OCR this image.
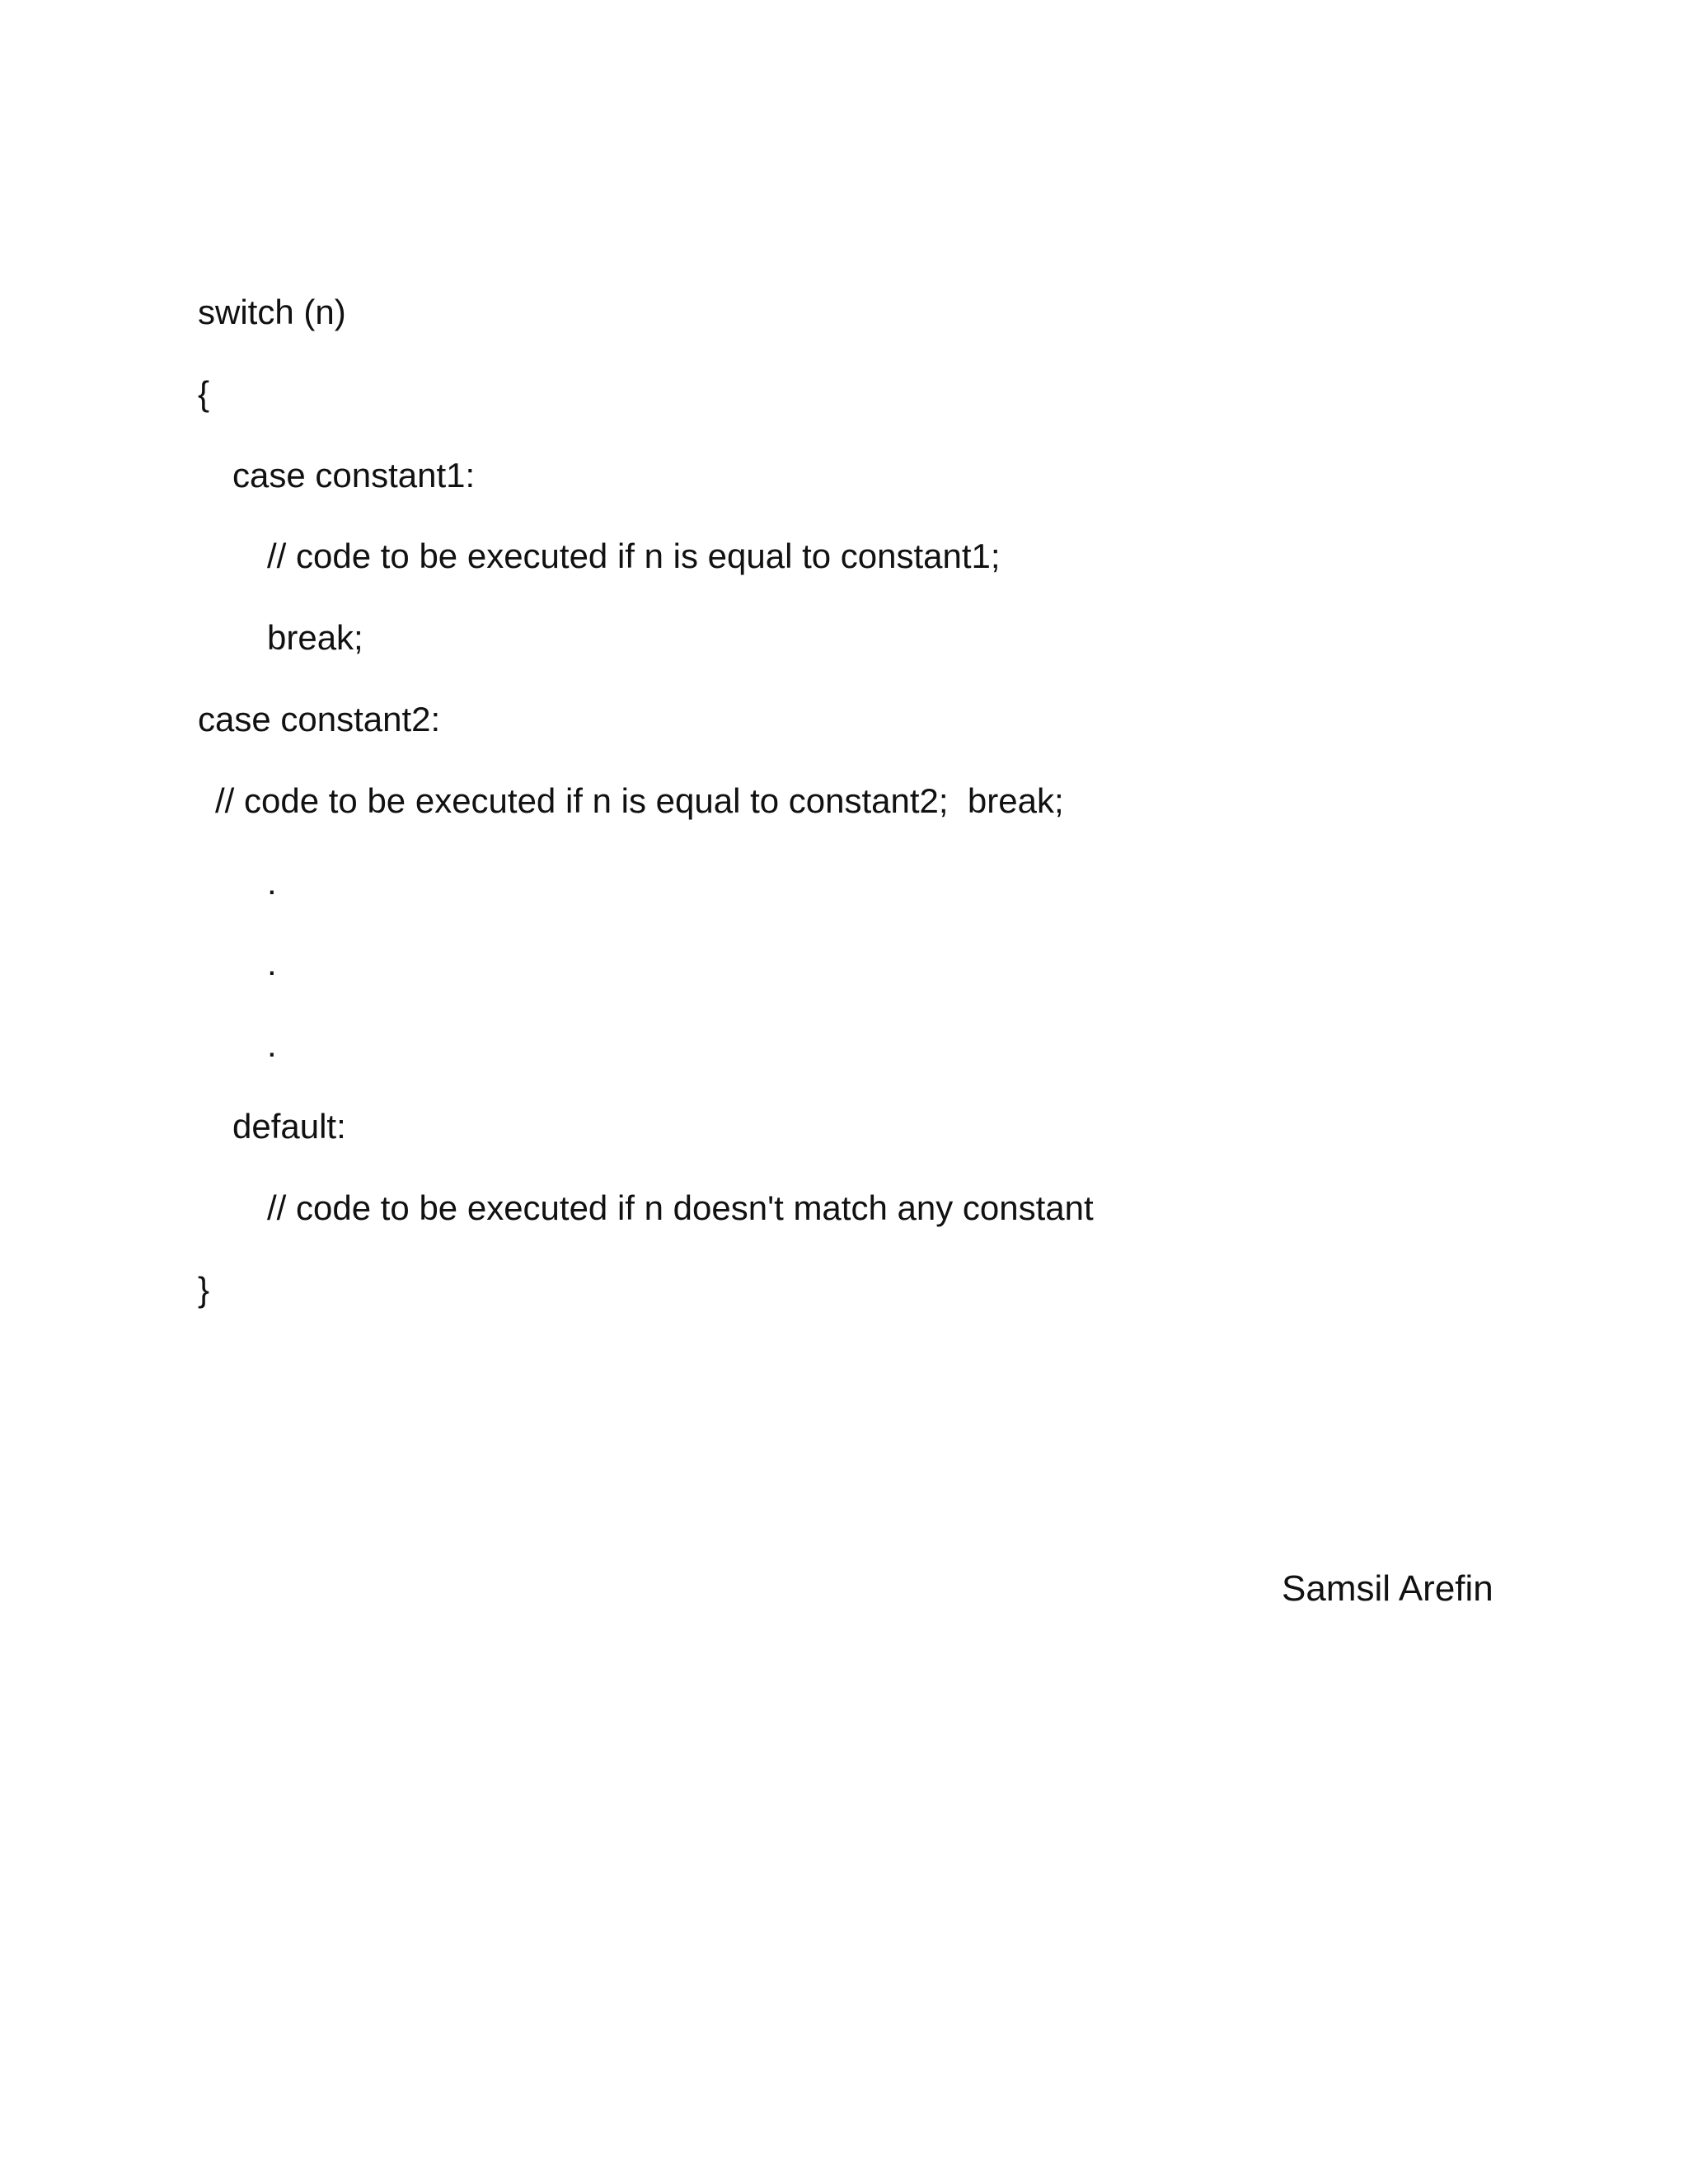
switch (n)
{
case constant1:
// code to be executed if n is equal to constant1;
break;
case constant2:
// code to be executed if n is equal to constant2;  break;
.
.
.
default:
// code to be executed if n doesn't match any constant
}
Samsil Arefin
